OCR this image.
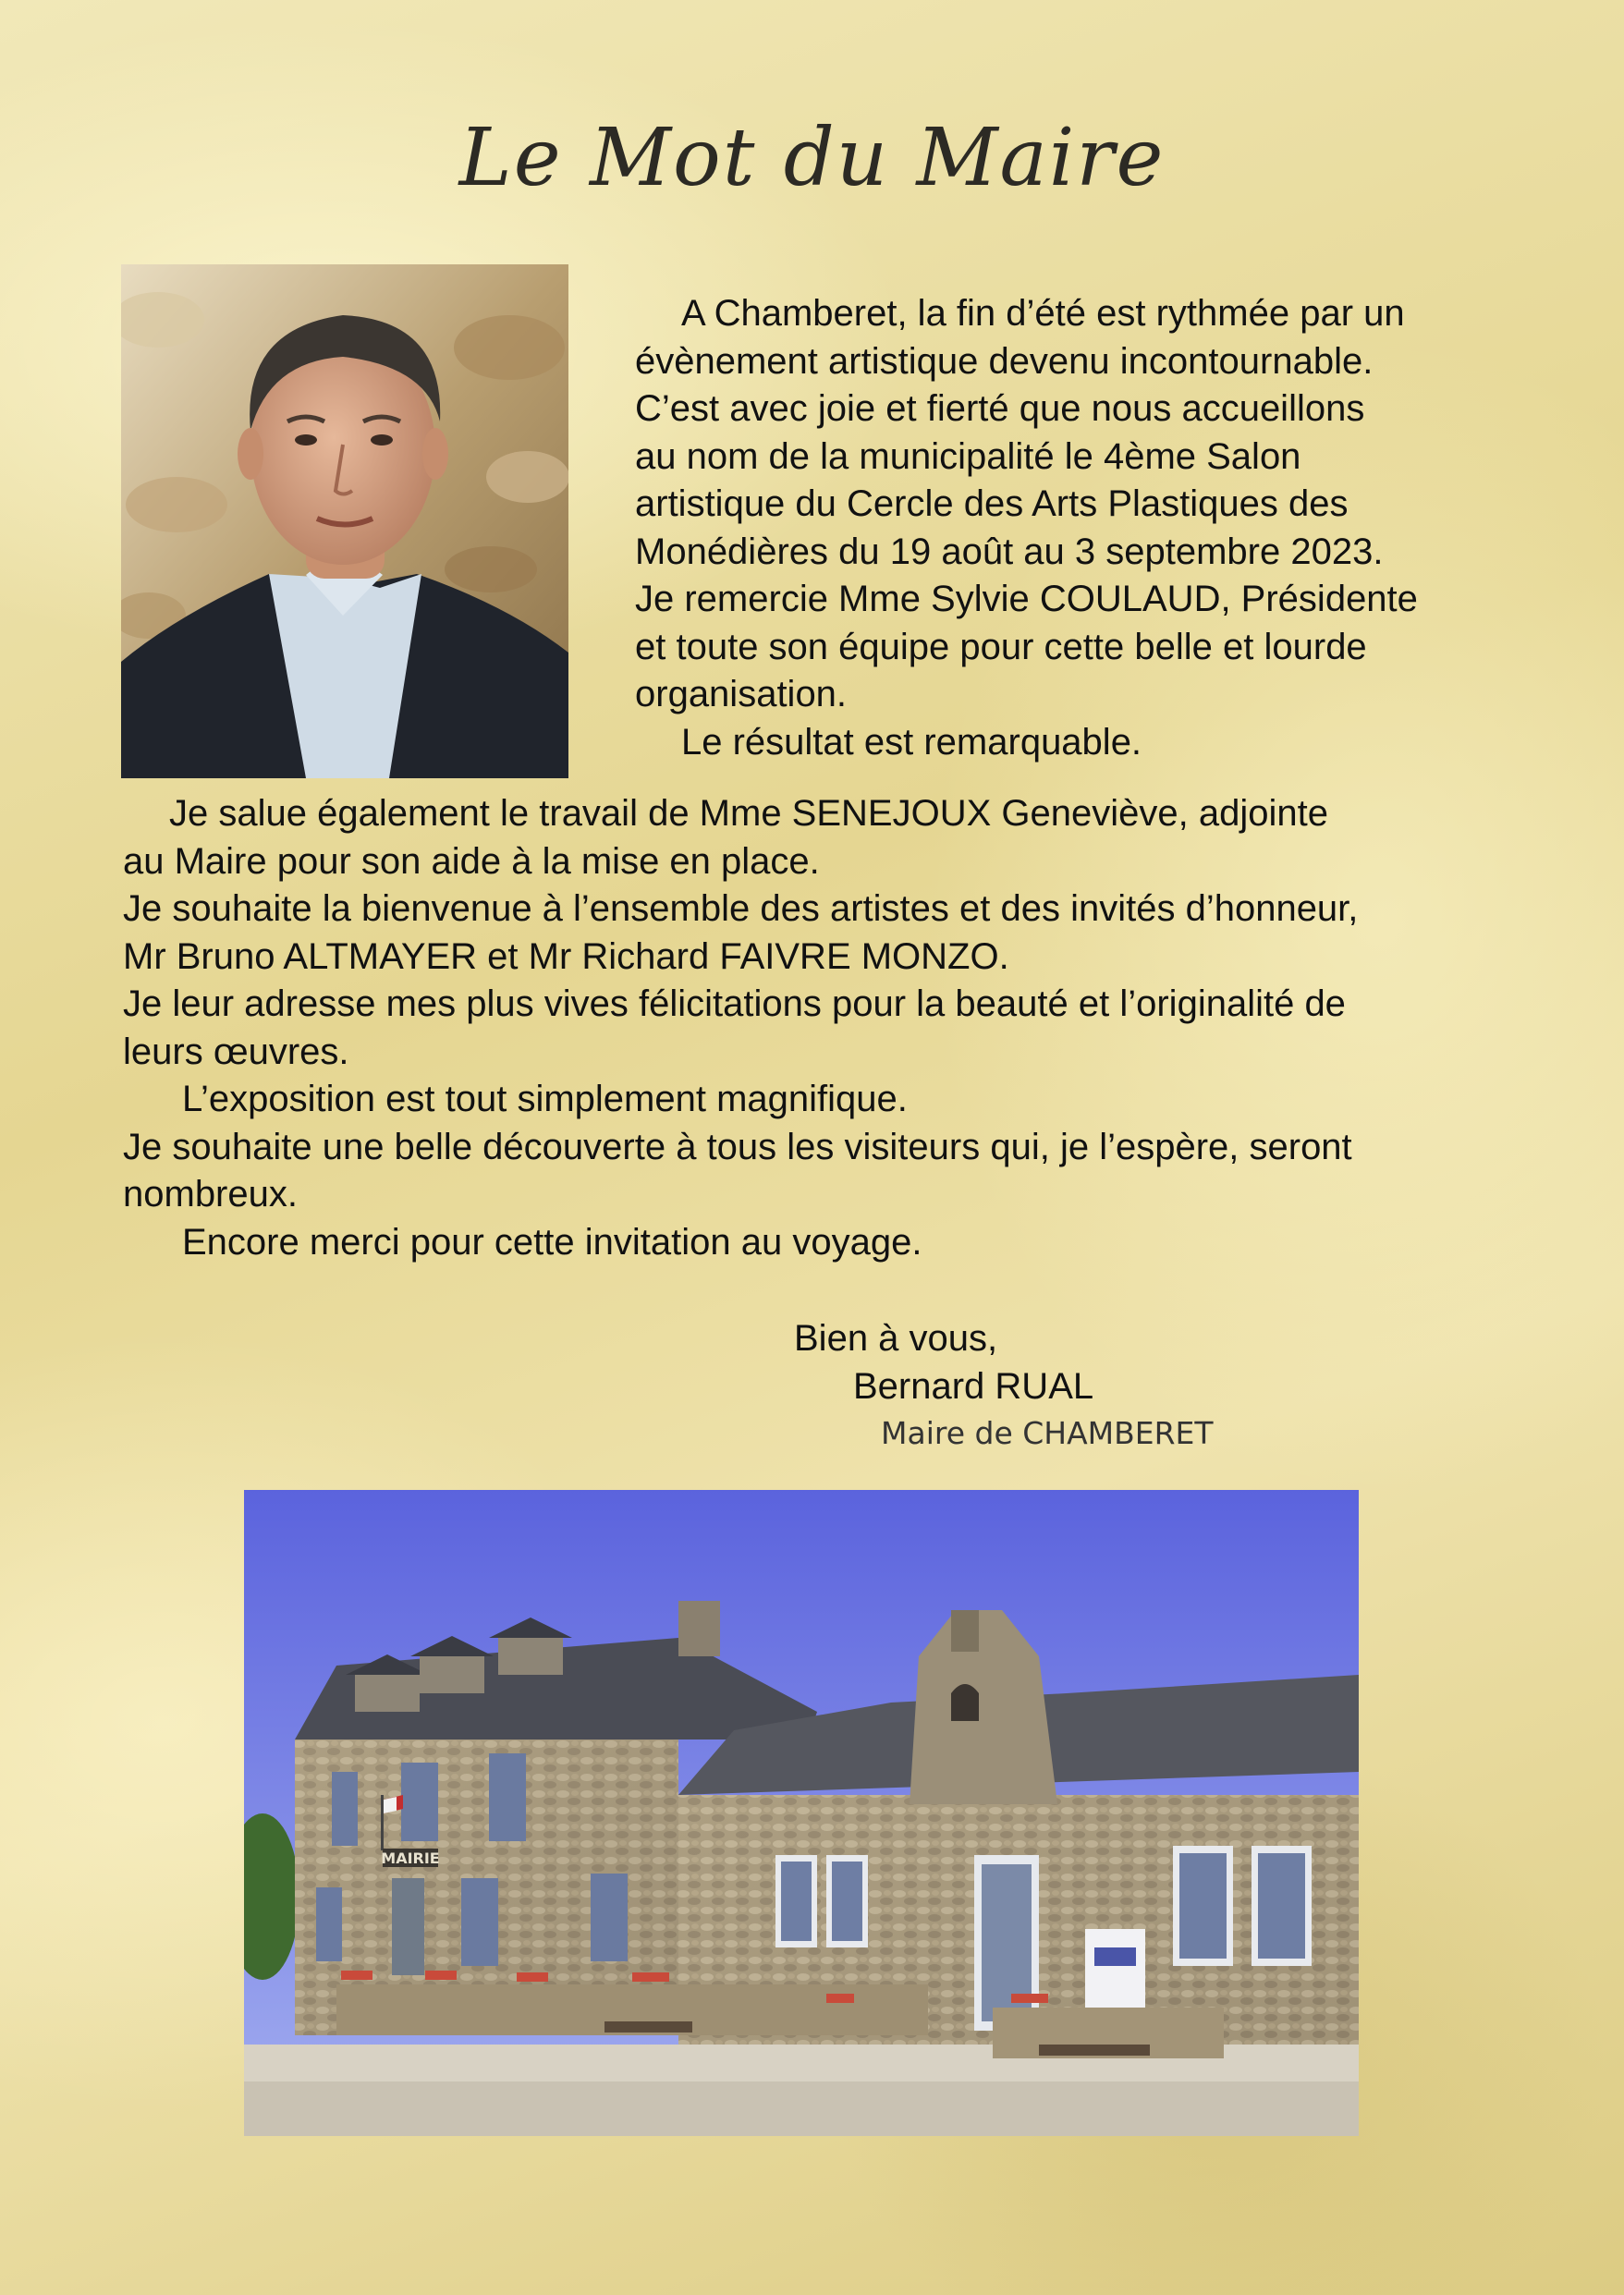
Le Mot du Maire

A Chamberet, la fin d’été est rythmée par un

évènement artistique devenu incontournable.

C’est avec joie et fierté que nous accueillons

au nom de la municipalité le 4ème Salon

artistique du Cercle des Arts Plastiques des

Monédières du 19 août au 3 septembre 2023.

Je remercie Mme Sylvie COULAUD, Présidente

et toute son équipe pour cette belle et lourde

organisation.

Le résultat est remarquable.

Je salue également le travail de Mme SENEJOUX Geneviève, adjointe

au Maire pour son aide à la mise en place.

Je souhaite la bienvenue à l’ensemble des artistes et des invités d’honneur,

Mr Bruno ALTMAYER et Mr Richard FAIVRE MONZO.

Je leur adresse mes plus vives félicitations pour la beauté et l’originalité de

leurs œuvres.

L’exposition est tout simplement magnifique.

Je souhaite une belle découverte à tous les visiteurs qui, je l’espère, seront

nombreux.

Encore merci pour cette invitation au voyage.

Bien à vous,
Bernard RUAL
Maire de CHAMBERET
MAIRIE
